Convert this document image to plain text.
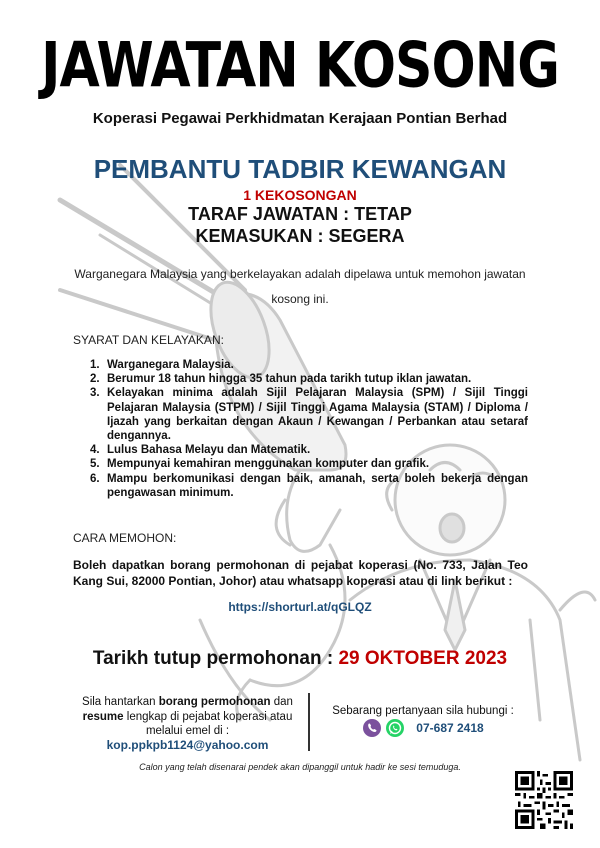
JAWATAN KOSONG
Koperasi Pegawai Perkhidmatan Kerajaan Pontian Berhad
PEMBANTU TADBIR KEWANGAN
1 KEKOSONGAN
TARAF JAWATAN : TETAP
KEMASUKAN : SEGERA
Warganegara Malaysia yang berkelayakan adalah dipelawa untuk memohon jawatan kosong ini.
SYARAT DAN KELAYAKAN:
1. Warganegara Malaysia.
2. Berumur 18 tahun hingga 35 tahun pada tarikh tutup iklan jawatan.
3. Kelayakan minima adalah Sijil Pelajaran Malaysia (SPM) / Sijil Tinggi Pelajaran Malaysia (STPM) / Sijil Tinggi Agama Malaysia (STAM) / Diploma / Ijazah yang berkaitan dengan Akaun / Kewangan / Perbankan atau setaraf dengannya.
4. Lulus Bahasa Melayu dan Matematik.
5. Mempunyai kemahiran menggunakan komputer dan grafik.
6. Mampu berkomunikasi dengan baik, amanah, serta boleh bekerja dengan pengawasan minimum.
CARA MEMOHON:
Boleh dapatkan borang permohonan di pejabat koperasi (No. 733, Jalan Teo Kang Sui, 82000 Pontian, Johor) atau whatsapp koperasi atau di link berikut :
https://shorturl.at/qGLQZ
Tarikh tutup permohonan : 29 OKTOBER 2023
Sila hantarkan borang permohonan dan resume lengkap di pejabat koperasi atau melalui emel di :
kop.ppkpb1124@yahoo.com
Sebarang pertanyaan sila hubungi :
07-687 2418
Calon yang telah disenarai pendek akan dipanggil untuk hadir ke sesi temuduga.
